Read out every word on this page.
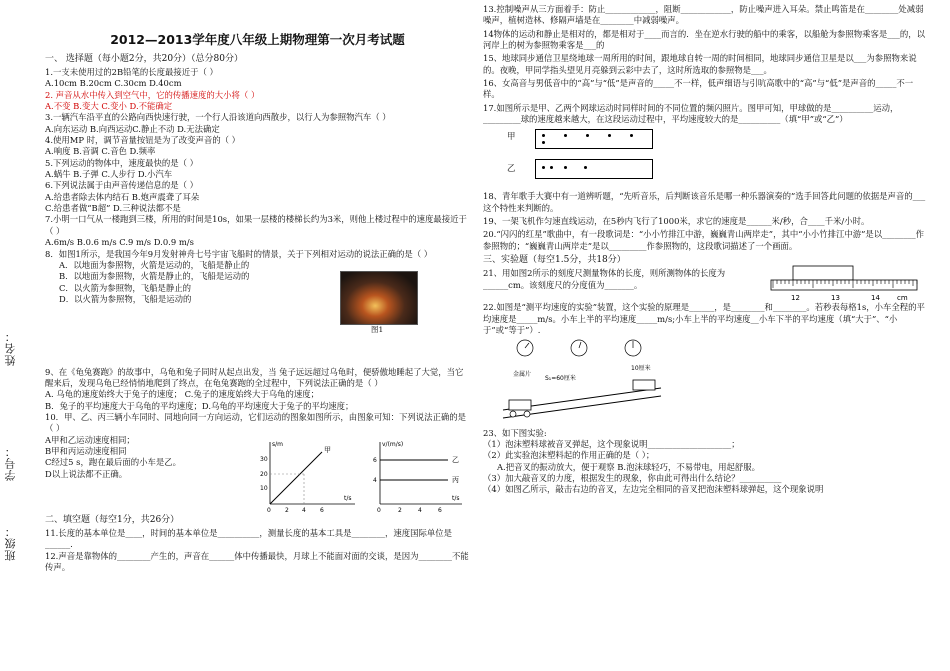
姓名：
学号：
班级：
2012—2013学年度八年级上期物理第一次月考试题
一、 选择题（每小题2分，共20分）（总分80分）
1.一支未使用过的2B铅笔的长度最接近于（ ）
A.10cm B.20cm C.30cm D.40cm
2. 声音从水中传入到空气中，它的传播速度的大小将（ ）
A.不变 B.变大 C.变小 D.不能确定
3.一辆汽车沿平直的公路向西快速行驶，一个行人沿该道向西散步，以行人为参照物汽车（ ）
A.向东运动 B.向西运动C.静止不动 D.无法确定
4.使用MP 时，调节音量按钮是为了改变声音的（ ）
A.响度 B.音调 C.音色 D.频率
5.下列运动的物体中，速度最快的是（ ）
A.蜗牛 B.子弹 C.人步行 D.小汽车
6.下列说法属于由声音传递信息的是（ ）
A.给患者除去体内结石 B.炮声震聋了耳朵
C.给患者做“B超” D.三种说法都不是
7.小明一口气从一楼跑到三楼，所用的时间是10s，如果一层楼的楼梯长约为3米，则他上楼过程中的速度最接近于（ ）
A.6m/s B.0.6 m/s C.9 m/s D.0.9 m/s
8．如图1所示，是我国今年9月发射神舟七号宇宙飞船时的情景，关于下列相对运动的说法正确的是（ ）
A．以地面为参照物，火箭是运动的，飞船是静止的
B．以地面为参照物，火箭是静止的，飞船是运动的
C．以火箭为参照物，飞船是静止的
D．以火箭为参照物，飞船是运动的
图1
9、在《龟兔赛跑》的故事中，乌龟和兔子同时从起点出发，当 兔子远远超过乌龟时，便骄傲地睡起了大觉，当它醒来后，发现乌龟已经悄悄地爬到了终点，在龟兔赛跑的全过程中，下列说法正确的是（ ）
A. 乌龟的速度始终大于兔子的速度； C.兔子的速度始终大于乌龟的速度；
B．兔子的平均速度大于乌龟的平均速度；D.乌龟的平均速度大于兔子的平均速度；
10．甲、乙、丙三辆小车同时、同地向同一方向运动，它们运动的图象如图所示，由图象可知：下列说法正确的是（ ）
A甲和乙运动速度相同；
B甲和丙运动速度相同
C经过5 s，跑在最后面的小车是乙。
D以上说法都不正确。
s/m
t/s
甲
10
20
30
0 2 4 6
v/(m/s)
t/s
乙
丙
4
6
0	2	4	6
二、填空题（每空1分，共26分）
11.长度的基本单位是____，时间的基本单位是__________，测量长度的基本工具是________，速度国际单位是______.
12.声音是靠物体的________产生的，声音在______体中传播最快，月球上不能面对面的交谈，是因为________不能传声。
13.控制噪声从三方面着手：防止____________，阻断____________，防止噪声进入耳朵。禁止鸣笛是在________处减弱噪声，植树造林、修隔声墙是在________中减弱噪声。
14物体的运动和静止是相对的，都是相对于____而言的．坐在逆水行驶的船中的乘客，以船舱为参照物乘客是___的，以河岸上的树为参照物乘客是___的
15、地球同步通信卫星绕地球一周所用的时间，跟地球自转一周的时间相同，地球同步通信卫星是以___为参照物来说的。夜晚，甲同学指头望见月亮躲到云彩中去了，这时所选取的参照物是___。
16、女高音与男低音中的“高”与“低”是声音的_____不一样，低声细语与引吭高歌中的“高”与“低”是声音的_____不一样。
17.如图所示是甲、乙两个网球运动时同样时间的不同位置的频闪照片。图甲可知，甲球做的是__________运动，_________球的速度越来越大，在这段运动过程中，平均速度较大的是__________（填“甲”或“乙”）
甲
乙
18、青年歌手大赛中有一道辨听题，“先听音乐，后判断该音乐是哪一种乐器演奏的”选手回答此问题的依据是声音的___这个特性来判断的。
19、一架飞机作匀速直线运动，在5秒内飞行了1000米，求它的速度是______米/秒，合____千米/小时。
20.“闪闪的红星”歌曲中，有一段歌词是：“小小竹排江中游，巍巍青山两岸走”，其中“小小竹排江中游”是以________作参照物的；“巍巍青山两岸走”是以_________作参照物的，这段歌词描述了一个画面。
三、实验题（每空1.5分，共18分）
21、用如图2所示的刻度尺测量物体的长度，则所测物体的长度为______cm。该刻度尺的分度值为_______。
12	13	14 cm
22.如图是“测平均速度的实验”装置，这个实验的原理是______，是________和________。若秒表每格1s，小车全程的平均速度是_____m/s。小车上半的平均速度_____m/s;小车上半的平均速度__小车下半的平均速度（填“大于”、“小于”或“等于”）.
金属片
S₁=60厘米
10厘米
23、如下图实验:
（1）泡沫塑料球被音叉弹起，这个现象说明____________________；
（2）此实验泡沫塑料起的作用正确的是（ ）；
A.把音叉的振动放大，便于观察 B.泡沫球轻巧，不易带电，用起舒服。
（3）加大敲音叉的力度，根据发生的现象，你由此可得出什么结论？__________
（4）如图乙所示，敲击右边的音叉，左边完全相同的音叉把泡沫塑料球弹起，这个现象说明
